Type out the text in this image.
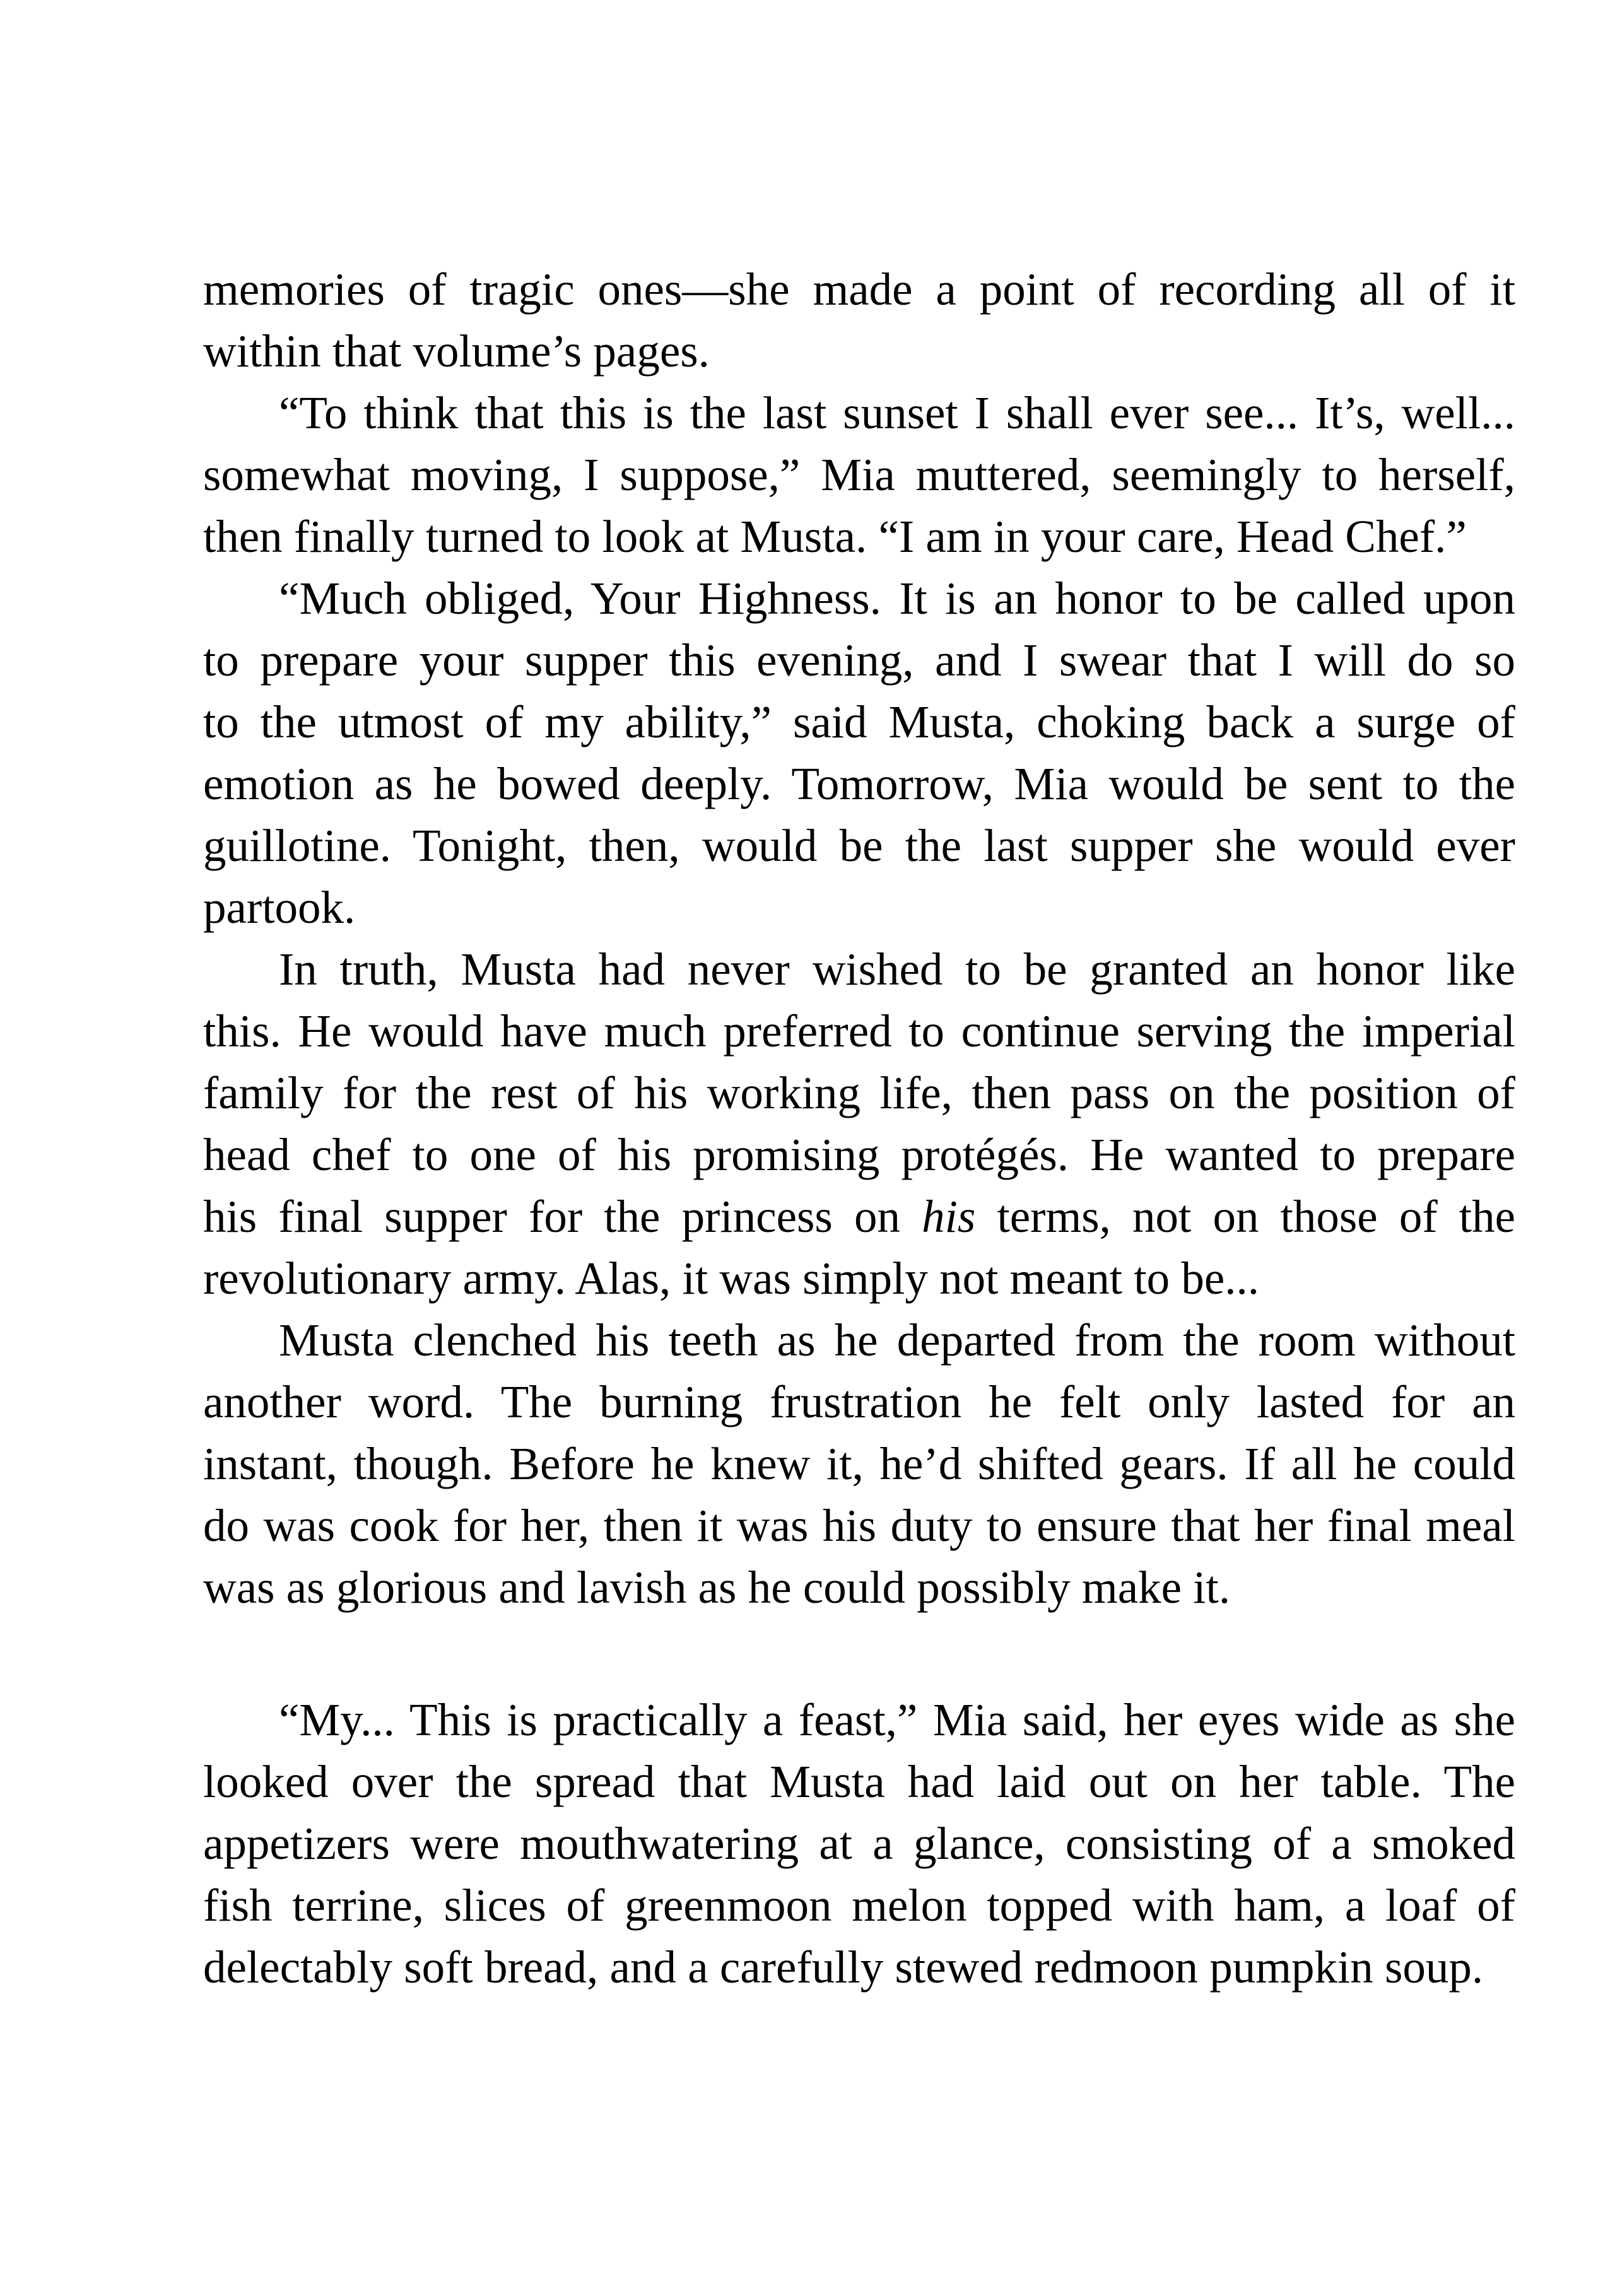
memories of tragic ones—she made a point of recording all of it
within that volume’s pages.
“To think that this is the last sunset I shall ever see... It’s, well...
somewhat moving, I suppose,” Mia muttered, seemingly to herself,
then finally turned to look at Musta. “I am in your care, Head Chef.”
“Much obliged, Your Highness. It is an honor to be called upon
to prepare your supper this evening, and I swear that I will do so
to the utmost of my ability,” said Musta, choking back a surge of
emotion as he bowed deeply. Tomorrow, Mia would be sent to the
guillotine. Tonight, then, would be the last supper she would ever
partook.
In truth, Musta had never wished to be granted an honor like
this. He would have much preferred to continue serving the imperial
family for the rest of his working life, then pass on the position of
head chef to one of his promising protégés. He wanted to prepare
his final supper for the princess on his terms, not on those of the
revolutionary army. Alas, it was simply not meant to be...
Musta clenched his teeth as he departed from the room without
another word. The burning frustration he felt only lasted for an
instant, though. Before he knew it, he’d shifted gears. If all he could
do was cook for her, then it was his duty to ensure that her final meal
was as glorious and lavish as he could possibly make it.
“My... This is practically a feast,” Mia said, her eyes wide as she
looked over the spread that Musta had laid out on her table. The
appetizers were mouthwatering at a glance, consisting of a smoked
fish terrine, slices of greenmoon melon topped with ham, a loaf of
delectably soft bread, and a carefully stewed redmoon pumpkin soup.
